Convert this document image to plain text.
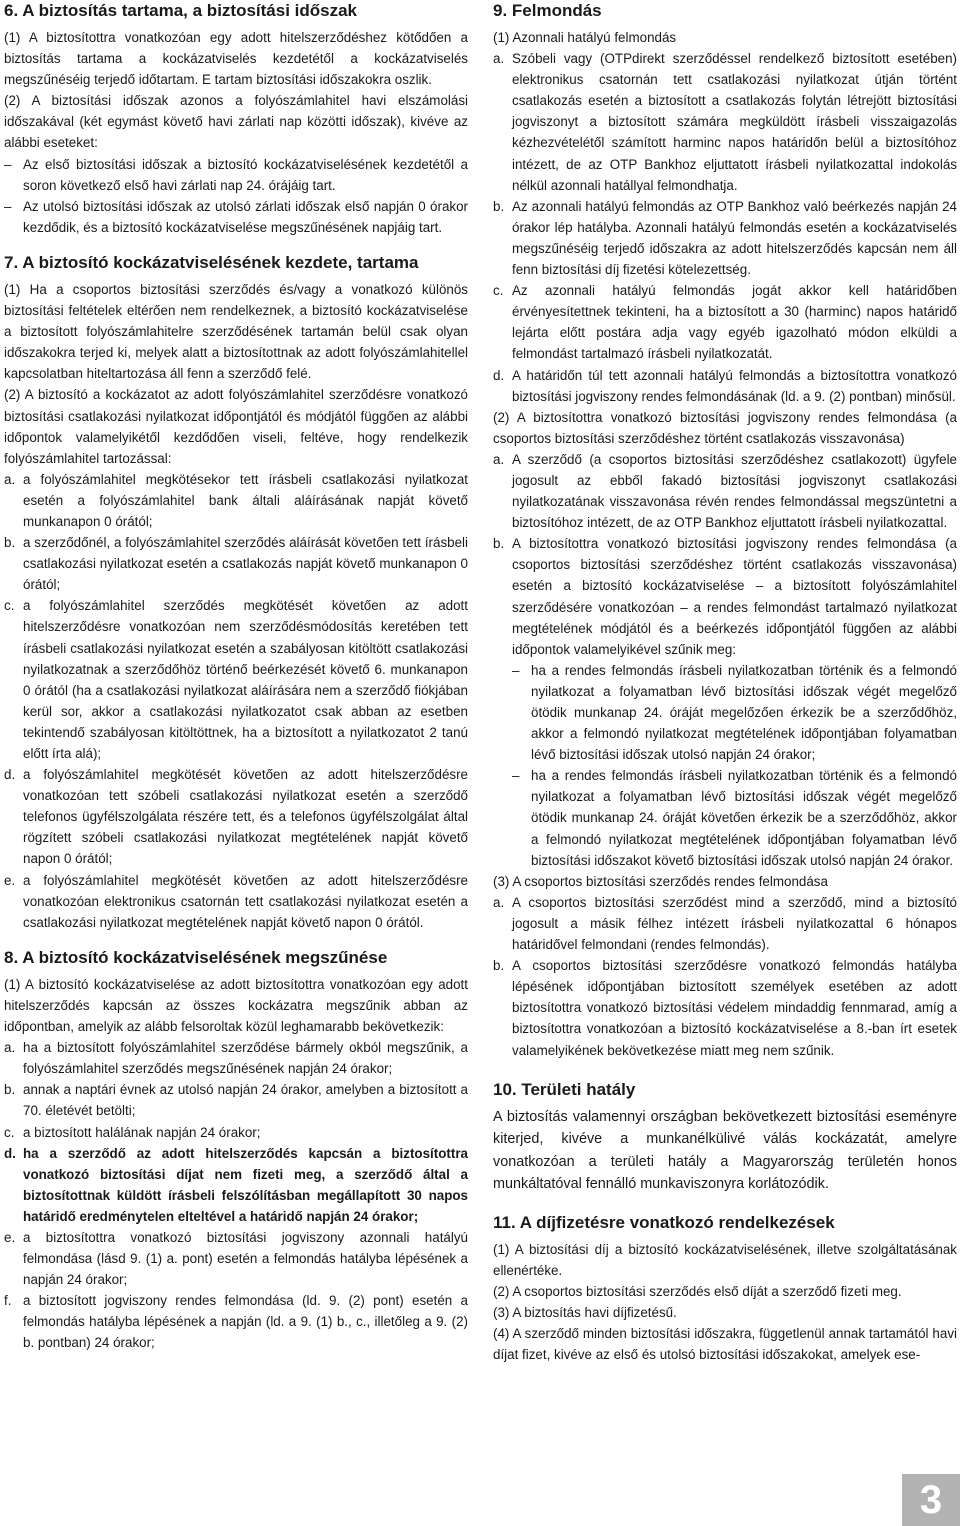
6. A biztosítás tartama, a biztosítási időszak

(1) A biztosítottra vonatkozóan egy adott hitelszerződéshez kötődően a biztosítás tartama a kockázatviselés kezdetétől a kockázatviselés megszűnéséig terjedő időtartam. E tartam biztosítási időszakokra oszlik.

(2) A biztosítási időszak azonos a folyószámlahitel havi elszámolási időszakával (két egymást követő havi zárlati nap közötti időszak), kivéve az alábbi eseteket:

– Az első biztosítási időszak a biztosító kockázatviselésének kezdetétől a soron következő első havi zárlati nap 24. órájáig tart.

– Az utolsó biztosítási időszak az utolsó zárlati időszak első napján 0 órakor kezdődik, és a biztosító kockázatviselése megszűnésének napjáig tart.

7. A biztosító kockázatviselésének kezdete, tartama

(1) Ha a csoportos biztosítási szerződés és/vagy a vonatkozó különös biztosítási feltételek eltérően nem rendelkeznek, a biztosító kockázatviselése a biztosított folyószámlahitelre szerződésének tartamán belül csak olyan időszakokra terjed ki, melyek alatt a biztosítottnak az adott folyószámlahitellel kapcsolatban hiteltartozása áll fenn a szerződő felé.

(2) A biztosító a kockázatot az adott folyószámlahitel szerződésre vonatkozó biztosítási csatlakozási nyilatkozat időpontjától és módjától függően az alábbi időpontok valamelyikétől kezdődően viseli, feltéve, hogy rendelkezik folyószámlahitel tartozással:

a. a folyószámlahitel megkötésekor tett írásbeli csatlakozási nyilatkozat esetén a folyószámlahitel bank általi aláírásának napját követő munkanapon 0 órától;
b. a szerződőnél, a folyószámlahitel szerződés aláírását követően tett írásbeli csatlakozási nyilatkozat esetén a csatlakozás napját követő munkanapon 0 órától;
c. a folyószámlahitel szerződés megkötését követően az adott hitelszerződésre vonatkozóan nem szerződésmódosítás keretében tett írásbeli csatlakozási nyilatkozat esetén a szabályosan kitöltött csatlakozási nyilatkozatnak a szerződőhöz történő beérkezését követő 6. munkanapon 0 órától (ha a csatlakozási nyilatkozat aláírására nem a szerződő fiókjában kerül sor, akkor a csatlakozási nyilatkozatot csak abban az esetben tekintendő szabályosan kitöltöttnek, ha a biztosított a nyilatkozatot 2 tanú előtt írta alá);
d. a folyószámlahitel megkötését követően az adott hitelszerződésre vonatkozóan tett szóbeli csatlakozási nyilatkozat esetén a szerződő telefonos ügyfélszolgálata részére tett, és a telefonos ügyfélszolgálat által rögzített szóbeli csatlakozási nyilatkozat megtételének napját követő napon 0 órától;
e. a folyószámlahitel megkötését követően az adott hitelszerződésre vonatkozóan elektronikus csatornán tett csatlakozási nyilatkozat esetén a csatlakozási nyilatkozat megtételének napját követő napon 0 órától.
8. A biztosító kockázatviselésének megszűnése

(1) A biztosító kockázatviselése az adott biztosítottra vonatkozóan egy adott hitelszerződés kapcsán az összes kockázatra megszűnik abban az időpontban, amelyik az alább felsoroltak közül leghamarabb bekövetkezik:

a. ha a biztosított folyószámlahitel szerződése bármely okból megszűnik, a folyószámlahitel szerződés megszűnésének napján 24 órakor;
b. annak a naptári évnek az utolsó napján 24 órakor, amelyben a biztosított a 70. életévét betölti;
c. a biztosított halálának napján 24 órakor;
d. ha a szerződő az adott hitelszerződés kapcsán a biztosítottra vonatkozó biztosítási díjat nem fizeti meg, a szerződő által a biztosítottnak küldött írásbeli felszólításban megállapított 30 napos határidő eredménytelen elteltével a határidő napján 24 órakor;
e. a biztosítottra vonatkozó biztosítási jogviszony azonnali hatályú felmondása (lásd 9. (1) a. pont) esetén a felmondás hatályba lépésének a napján 24 órakor;
f. a biztosított jogviszony rendes felmondása (ld. 9. (2) pont) esetén a felmondás hatályba lépésének a napján (ld. a 9. (1) b., c., illetőleg a 9. (2) b. pontban) 24 órakor;
9. Felmondás

(1) Azonnali hatályú felmondás

a. Szóbeli vagy (OTPdirekt szerződéssel rendelkező biztosított esetében) elektronikus csatornán tett csatlakozási nyilatkozat útján történt csatlakozás esetén a biztosított a csatlakozás folytán létrejött biztosítási jogviszonyt a biztosított számára megküldött írásbeli visszaigazolás kézhezvételétől számított harminc napos határidőn belül a biztosítóhoz intézett, de az OTP Bankhoz eljuttatott írásbeli nyilatkozattal indokolás nélkül azonnali hatállyal felmondhatja.
b. Az azonnali hatályú felmondás az OTP Bankhoz való beérkezés napján 24 órakor lép hatályba. Azonnali hatályú felmondás esetén a kockázatviselés megszűnéséig terjedő időszakra az adott hitelszerződés kapcsán nem áll fenn biztosítási díj fizetési kötelezettség.
c. Az azonnali hatályú felmondás jogát akkor kell határidőben érvényesítettnek tekinteni, ha a biztosított a 30 (harminc) napos határidő lejárta előtt postára adja vagy egyéb igazolható módon elküldi a felmondást tartalmazó írásbeli nyilatkozatát.
d. A határidőn túl tett azonnali hatályú felmondás a biztosítottra vonatkozó biztosítási jogviszony rendes felmondásának (ld. a 9. (2) pontban) minősül.

(2) A biztosítottra vonatkozó biztosítási jogviszony rendes felmondása (a csoportos biztosítási szerződéshez történt csatlakozás visszavonása)

a. A szerződő (a csoportos biztosítási szerződéshez csatlakozott) ügyfele jogosult az ebből fakadó biztosítási jogviszonyt csatlakozási nyilatkozatának visszavonása révén rendes felmondással megszüntetni a biztosítóhoz intézett, de az OTP Bankhoz eljuttatott írásbeli nyilatkozattal.
b. A biztosítottra vonatkozó biztosítási jogviszony rendes felmondása (a csoportos biztosítási szerződéshez történt csatlakozás visszavonása) esetén a biztosító kockázatviselése – a biztosított folyószámlahitel szerződésére vonatkozóan – a rendes felmondást tartalmazó nyilatkozat megtételének módjától és a beérkezés időpontjától függően az alábbi időpontok valamelyikével szűnik meg:

– ha a rendes felmondás írásbeli nyilatkozatban történik és a felmondó nyilatkozat a folyamatban lévő biztosítási időszak végét megelőző ötödik munkanap 24. óráját megelőzően érkezik be a szerződőhöz, akkor a felmondó nyilatkozat megtételének időpontjában folyamatban lévő biztosítási időszak utolsó napján 24 órakor;

– ha a rendes felmondás írásbeli nyilatkozatban történik és a felmondó nyilatkozat a folyamatban lévő biztosítási időszak végét megelőző ötödik munkanap 24. óráját követően érkezik be a szerződőhöz, akkor a felmondó nyilatkozat megtételének időpontjában folyamatban lévő biztosítási időszakot követő biztosítási időszak utolsó napján 24 órakor.

(3) A csoportos biztosítási szerződés rendes felmondása

a. A csoportos biztosítási szerződést mind a szerződő, mind a biztosító jogosult a másik félhez intézett írásbeli nyilatkozattal 6 hónapos határidővel felmondani (rendes felmondás).
b. A csoportos biztosítási szerződésre vonatkozó felmondás hatályba lépésének időpontjában biztosított személyek esetében az adott biztosítottra vonatkozó biztosítási védelem mindaddig fennmarad, amíg a biztosítottra vonatkozóan a biztosító kockázatviselése a 8.-ban írt esetek valamelyikének bekövetkezése miatt meg nem szűnik.
10. Területi hatály

A biztosítás valamennyi országban bekövetkezett biztosítási eseményre kiterjed, kivéve a munkanélkülivé válás kockázatát, amelyre vonatkozóan a területi hatály a Magyarország területén honos munkáltatóval fennálló munkaviszonyra korlátozódik.

11. A díjfizetésre vonatkozó rendelkezések

(1) A biztosítási díj a biztosító kockázatviselésének, illetve szolgáltatásának ellenértéke.

(2) A csoportos biztosítási szerződés első díját a szerződő fizeti meg.

(3) A biztosítás havi díjfizetésű.

(4) A szerződő minden biztosítási időszakra, függetlenül annak tartamától havi díjat fizet, kivéve az első és utolsó biztosítási időszakokat, amelyek ese-

3
